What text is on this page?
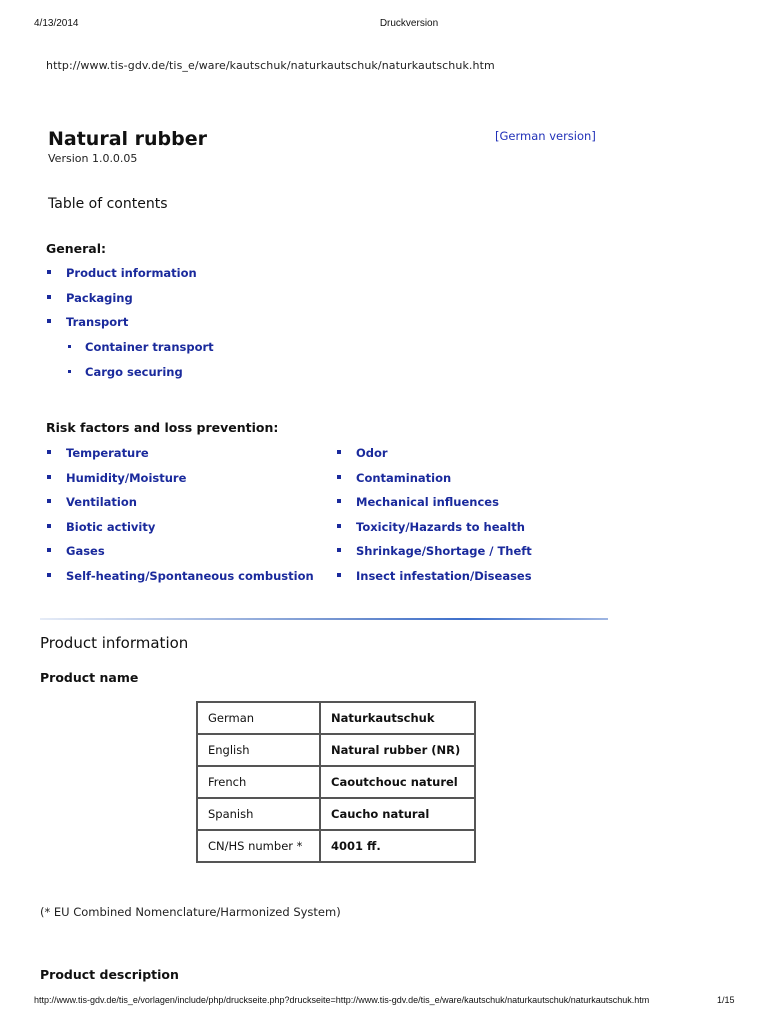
4/13/2014	Druckversion
http://www.tis-gdv.de/tis_e/ware/kautschuk/naturkautschuk/naturkautschuk.htm
Natural rubber
Version 1.0.0.05
[German version]
Table of contents
General:
Product information
Packaging
Transport
Container transport
Cargo securing
Risk factors and loss prevention:
Temperature
Humidity/Moisture
Ventilation
Biotic activity
Gases
Self-heating/Spontaneous combustion
Odor
Contamination
Mechanical influences
Toxicity/Hazards to health
Shrinkage/Shortage / Theft
Insect infestation/Diseases
Product information
Product name
German	Naturkautschuk
English	Natural rubber (NR)
French	Caoutchouc naturel
Spanish	Caucho natural
CN/HS number *	4001 ff.
(* EU Combined Nomenclature/Harmonized System)
Product description
http://www.tis-gdv.de/tis_e/vorlagen/include/php/druckseite.php?druckseite=http://www.tis-gdv.de/tis_e/ware/kautschuk/naturkautschuk/naturkautschuk.htm	1/15
